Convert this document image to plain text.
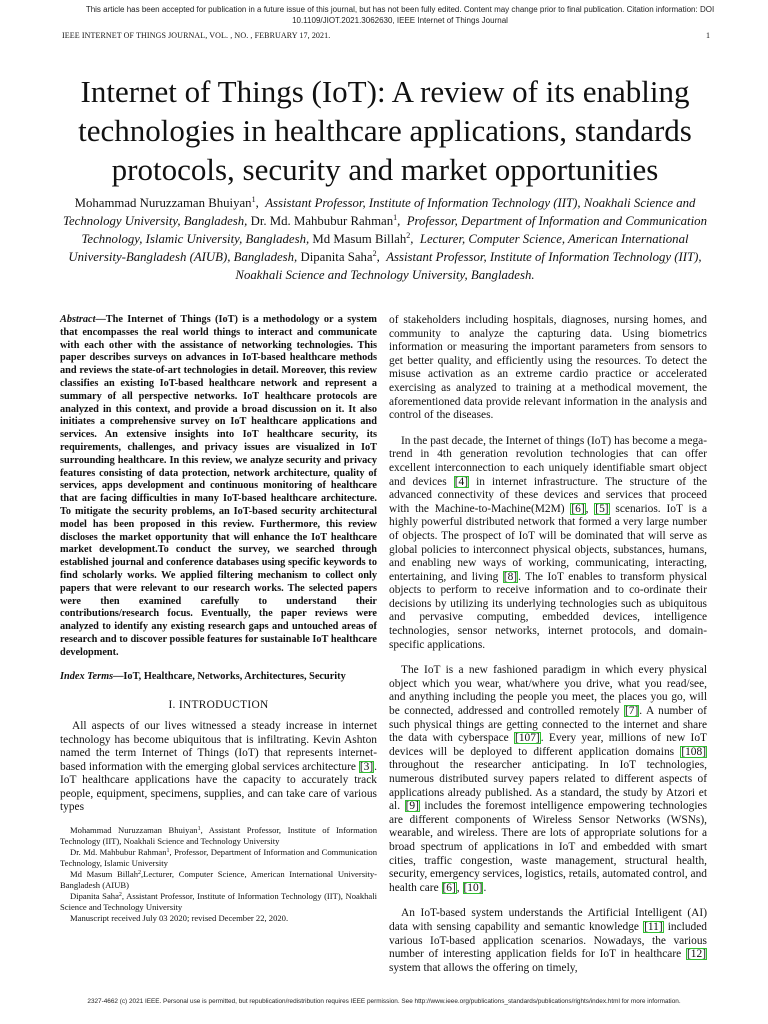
This article has been accepted for publication in a future issue of this journal, but has not been fully edited. Content may change prior to final publication. Citation information: DOI 10.1109/JIOT.2021.3062630, IEEE Internet of Things Journal
IEEE INTERNET OF THINGS JOURNAL, VOL. , NO. , FEBRUARY 17, 2021.	1
Internet of Things (IoT): A review of its enabling technologies in healthcare applications, standards protocols, security and market opportunities
Mohammad Nuruzzaman Bhuiyan$^1$,  Assistant Professor, Institute of Information Technology (IIT), Noakhali Science and Technology University, Bangladesh, Dr. Md. Mahbubur Rahman$^1$,  Professor, Department of Information and Communication Technology, Islamic University, Bangladesh, Md Masum Billah$^2$,  Lecturer, Computer Science, American International University-Bangladesh (AIUB), Bangladesh, Dipanita Saha$^2$,  Assistant Professor, Institute of Information Technology (IIT), Noakhali Science and Technology University, Bangladesh.

Abstract—The Internet of Things (IoT) is a methodology or a system that encompasses the real world things to interact and communicate with each other with the assistance of networking technologies. This paper describes surveys on advances in IoT-based healthcare methods and reviews the state-of-art technologies in detail. Moreover, this review classifies an existing IoT-based healthcare network and represent a summary of all perspective networks. IoT healthcare protocols are analyzed in this context, and provide a broad discussion on it. It also initiates a comprehensive survey on IoT healthcare applications and services. An extensive insights into IoT healthcare security, its requirements, challenges, and privacy issues are visualized in IoT surrounding healthcare. In this review, we analyze security and privacy features consisting of data protection, network architecture, quality of services, apps development and continuous monitoring of healthcare that are facing difficulties in many IoT-based healthcare architecture. To mitigate the security problems, an IoT-based security architectural model has been proposed in this review. Furthermore, this review discloses the market opportunity that will enhance the IoT healthcare market development.To conduct the survey, we searched through established journal and conference databases using specific keywords to find scholarly works. We applied filtering mechanism to collect only papers that were relevant to our research works. The selected papers were then examined carefully to understand their contributions/research focus. Eventually, the paper reviews were analyzed to identify any existing research gaps and untouched areas of research and to discover possible features for sustainable IoT healthcare development.

Index Terms—IoT, Healthcare, Networks, Architectures, Security

I. INTRODUCTION

All aspects of our lives witnessed a steady increase in internet technology has become ubiquitous that is infiltrating. Kevin Ashton named the term Internet of Things (IoT) that represents internet-based information with the emerging global services architecture [3]. IoT healthcare applications have the capacity to accurately track people, equipment, specimens, supplies, and can take care of various types

Mohammad Nuruzzaman Bhuiyan$^1$, Assistant Professor, Institute of Information Technology (IIT), Noakhali Science and Technology University

Dr. Md. Mahbubur Rahman$^1$, Professor, Department of Information and Communication Technology, Islamic University

Md Masum Billah$^2$,Lecturer, Computer Science, American International University-Bangladesh (AIUB)

Dipanita Saha$^2$, Assistant Professor, Institute of Information Technology (IIT), Noakhali Science and Technology University

Manuscript received July 03 2020; revised December 22, 2020.

of stakeholders including hospitals, diagnoses, nursing homes, and community to analyze the capturing data. Using biometrics information or measuring the important parameters from sensors to get better quality, and efficiently using the resources. To detect the misuse activation as an extreme cardio practice or accelerated exercising as analyzed to training at a methodical movement, the aforementioned data provide relevant information in the analysis and control of the diseases.

In the past decade, the Internet of things (IoT) has become a mega- trend in 4th generation revolution technologies that can offer excellent interconnection to each uniquely identifiable smart object and devices [4] in internet infrastructure. The structure of the advanced connectivity of these devices and services that proceed with the Machine-to-Machine(M2M) [6], [5] scenarios. IoT is a highly powerful distributed network that formed a very large number of objects. The prospect of IoT will be dominated that will serve as global policies to interconnect physical objects, substances, humans, and enabling new ways of working, communicating, interacting, entertaining, and living [8]. The IoT enables to transform physical objects to perform to receive information and to co-ordinate their decisions by utilizing its underlying technologies such as ubiquitous and pervasive computing, embedded devices, intelligence technologies, sensor networks, internet protocols, and domain-specific applications.

The IoT is a new fashioned paradigm in which every physical object which you wear, what/where you drive, what you read/see, and anything including the people you meet, the places you go, will be connected, addressed and controlled remotely [7]. A number of such physical things are getting connected to the internet and share the data with cyberspace [107]. Every year, millions of new IoT devices will be deployed to different application domains [108] throughout the researcher anticipating. In IoT technologies, numerous distributed survey papers related to different aspects of applications already published. As a standard, the study by Atzori et al. [9] includes the foremost intelligence empowering technologies are different components of Wireless Sensor Networks (WSNs), wearable, and wireless. There are lots of appropriate solutions for a broad spectrum of applications in IoT and embedded with smart cities, traffic congestion, waste management, structural health, security, emergency services, logistics, retails, automated control, and health care [6], [10].

An IoT-based system understands the Artificial Intelligent (AI) data with sensing capability and semantic knowledge [11] included various IoT-based application scenarios. Nowadays, the various number of interesting application fields for IoT in healthcare [12] system that allows the offering on timely,

2327-4662 (c) 2021 IEEE. Personal use is permitted, but republication/redistribution requires IEEE permission. See http://www.ieee.org/publications_standards/publications/rights/index.html for more information.
